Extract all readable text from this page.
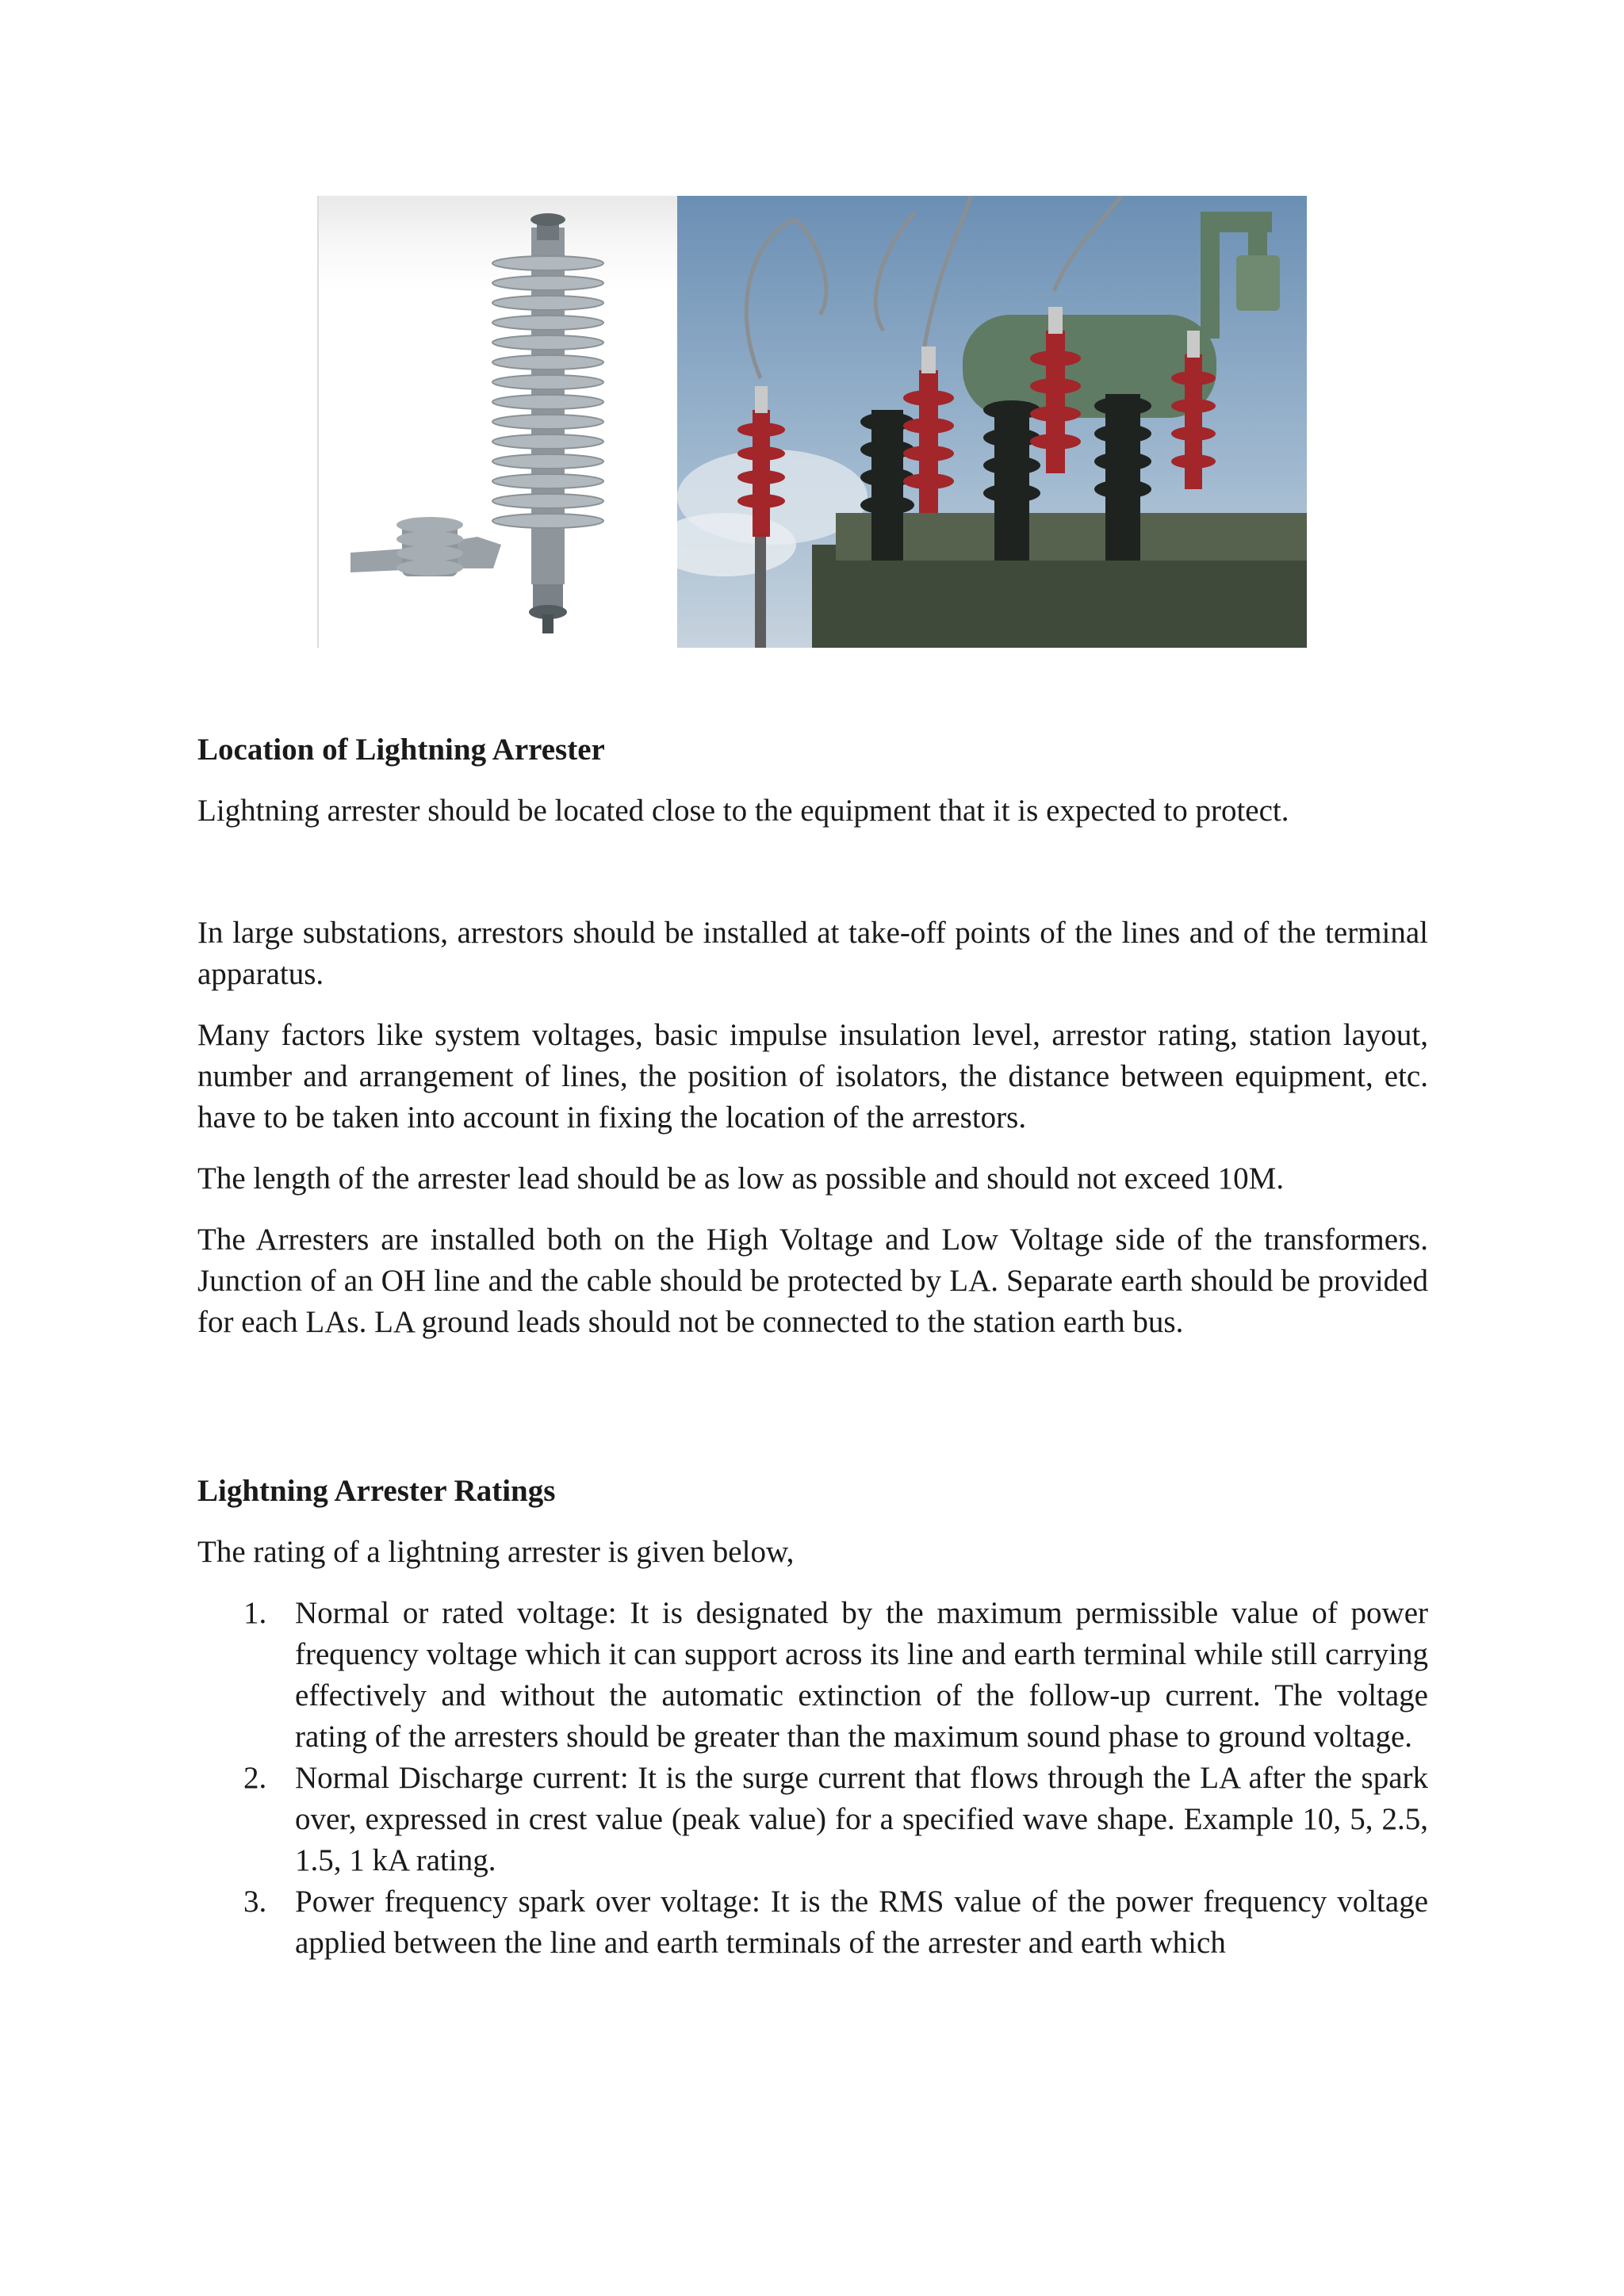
Location of Lightning Arrester

Lightning arrester should be located close to the equipment that it is expected to protect.

In large substations, arrestors should be installed at take-off points of the lines and of the terminal apparatus.

Many factors like system voltages, basic impulse insulation level, arrestor rating, station layout, number and arrangement of lines, the position of isolators, the distance between equipment, etc. have to be taken into account in fixing the location of the arrestors.

The length of the arrester lead should be as low as possible and should not exceed 10M.

The Arresters are installed both on the High Voltage and Low Voltage side of the transformers. Junction of an OH line and the cable should be protected by LA. Separate earth should be provided for each LAs. LA ground leads should not be connected to the station earth bus.

Lightning Arrester Ratings

The rating of a lightning arrester is given below,

1. Normal or rated voltage: It is designated by the maximum permissible value of power frequency voltage which it can support across its line and earth terminal while still carrying effectively and without the automatic extinction of the follow-up current. The voltage rating of the arresters should be greater than the maximum sound phase to ground voltage.
2. Normal Discharge current: It is the surge current that flows through the LA after the spark over, expressed in crest value (peak value) for a specified wave shape. Example 10, 5, 2.5, 1.5, 1 kA rating.
3. Power frequency spark over voltage: It is the RMS value of the power frequency voltage applied between the line and earth terminals of the arrester and earth which
